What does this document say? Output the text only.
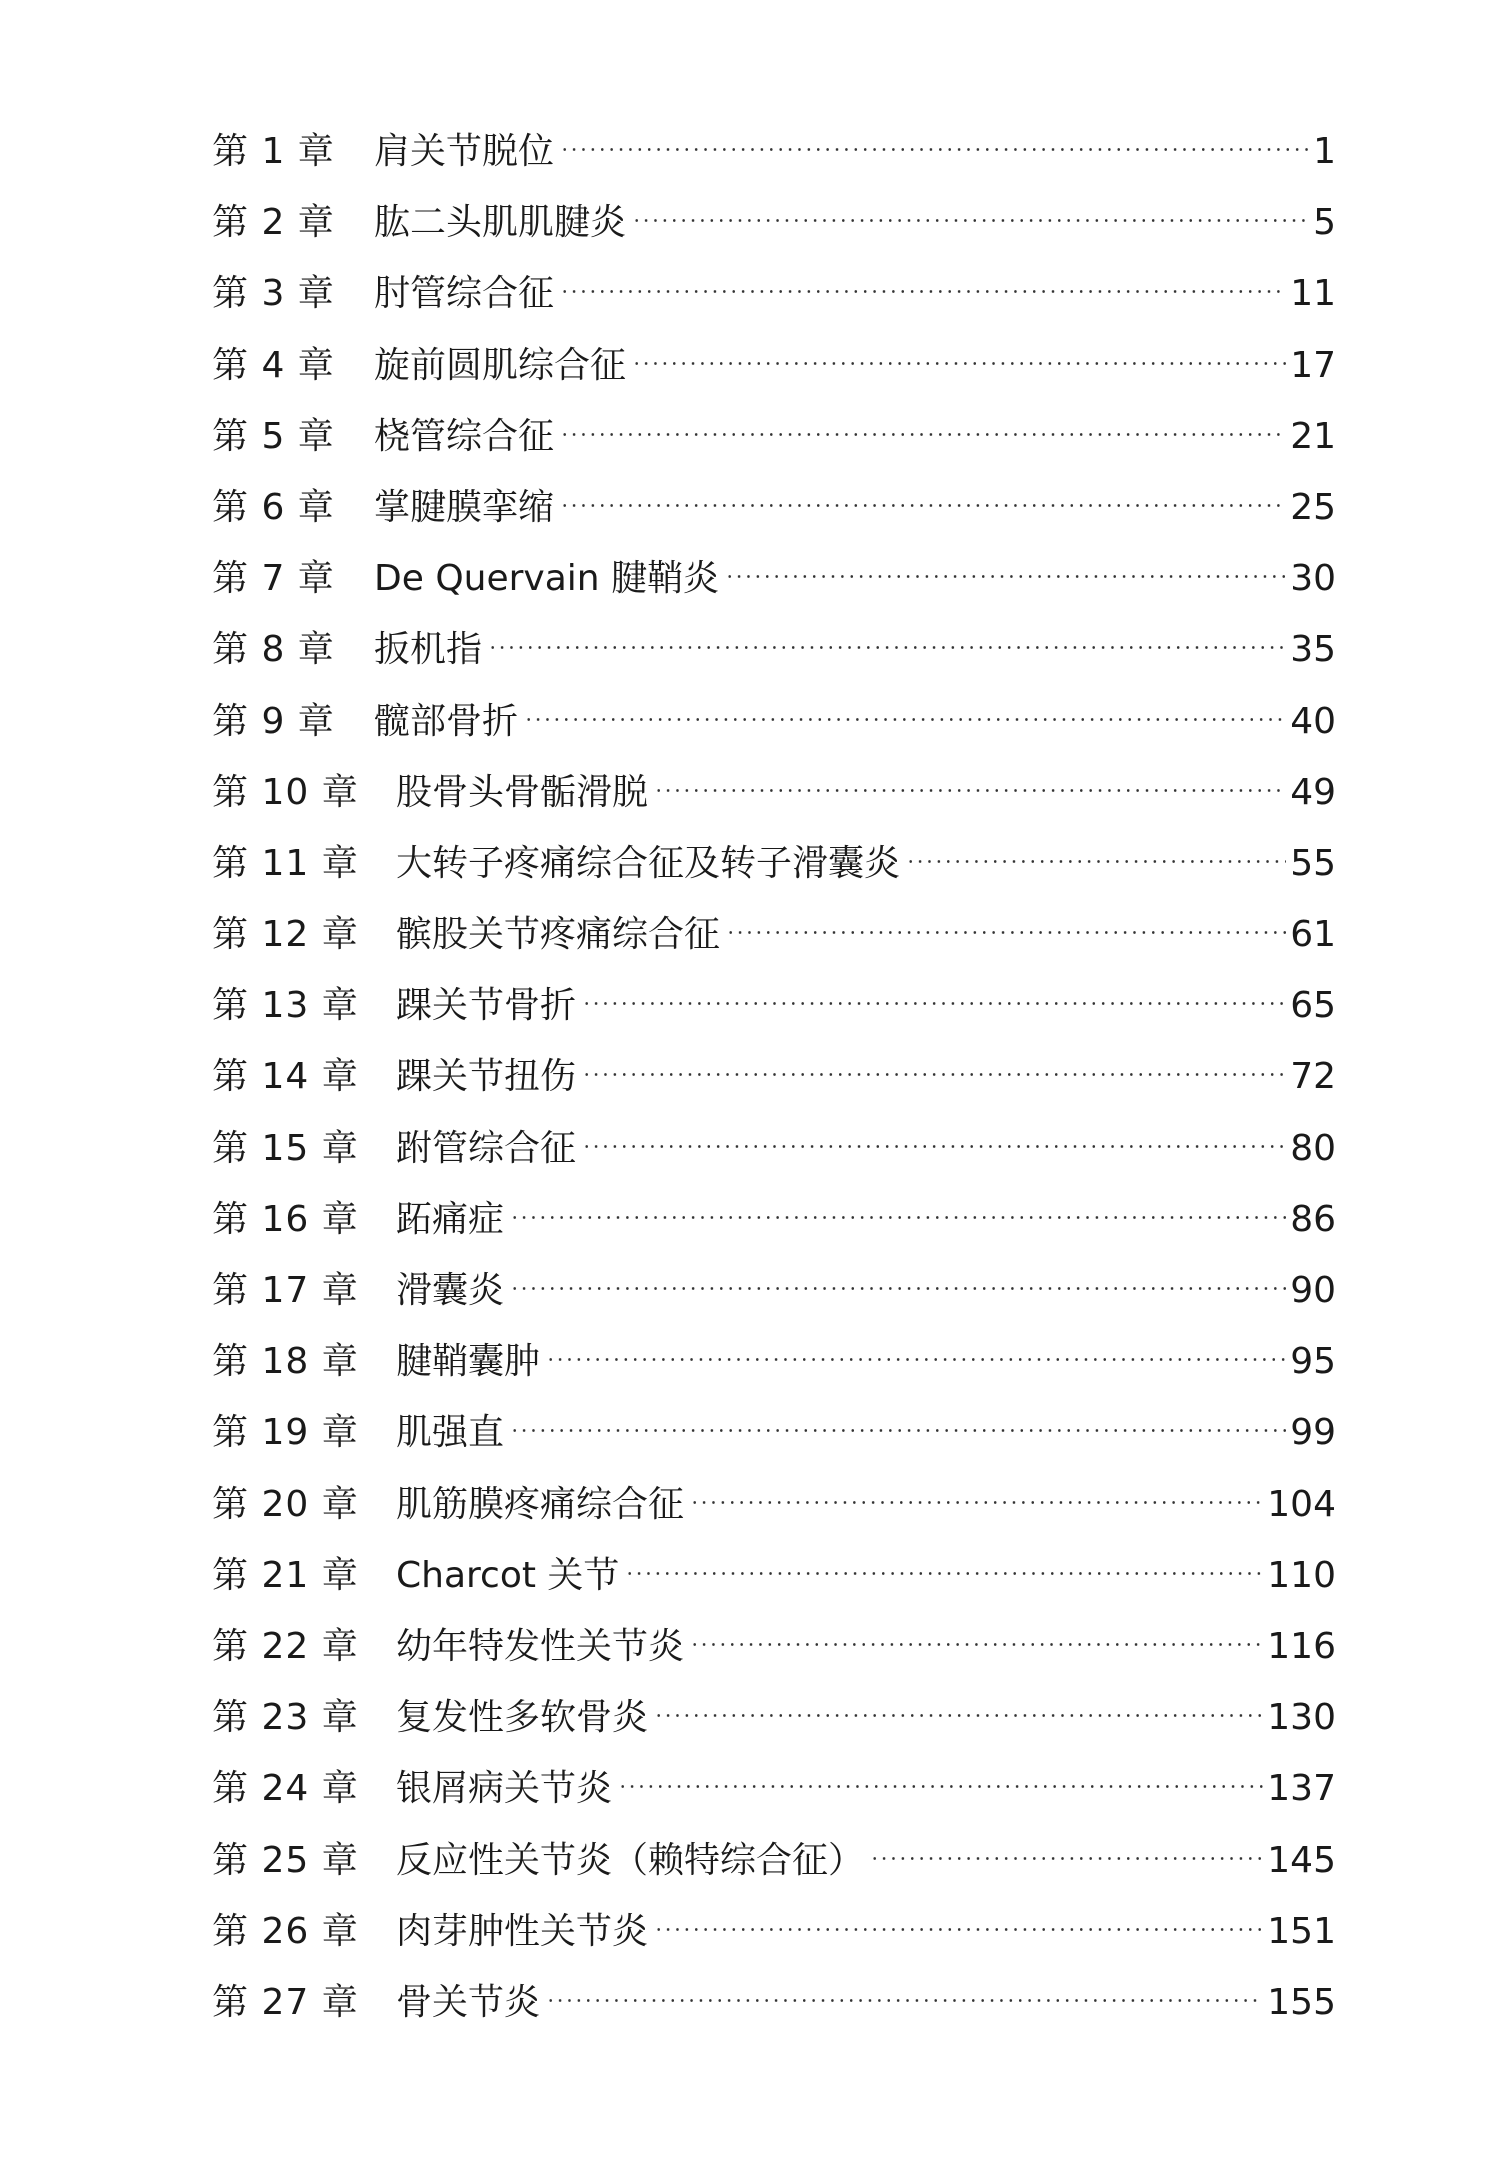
第 1 章	肩关节脱位	1
第 2 章	肱二头肌肌腱炎	5
第 3 章	肘管综合征	11
第 4 章	旋前圆肌综合征	17
第 5 章	桡管综合征	21
第 6 章	掌腱膜挛缩	25
第 7 章	De Quervain 腱鞘炎	30
第 8 章	扳机指	35
第 9 章	髋部骨折	40
第 10 章	股骨头骨骺滑脱	49
第 11 章	大转子疼痛综合征及转子滑囊炎	55
第 12 章	髌股关节疼痛综合征	61
第 13 章	踝关节骨折	65
第 14 章	踝关节扭伤	72
第 15 章	跗管综合征	80
第 16 章	跖痛症	86
第 17 章	滑囊炎	90
第 18 章	腱鞘囊肿	95
第 19 章	肌强直	99
第 20 章	肌筋膜疼痛综合征	104
第 21 章	Charcot 关节	110
第 22 章	幼年特发性关节炎	116
第 23 章	复发性多软骨炎	130
第 24 章	银屑病关节炎	137
第 25 章	反应性关节炎（赖特综合征）	145
第 26 章	肉芽肿性关节炎	151
第 27 章	骨关节炎	155
